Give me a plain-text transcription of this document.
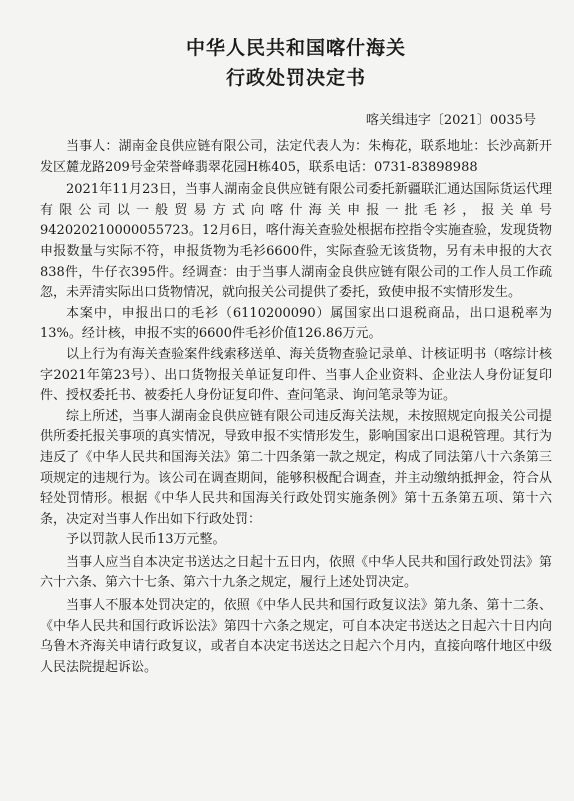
中华人民共和国喀什海关
行政处罚决定书
喀关缉违字〔2021〕0035号

当事人：湖南金良供应链有限公司，法定代表人为：朱梅花，联系地址：长沙高新开发区麓龙路209号金荣誉峰翡翠花园H栋405，联系电话：0731-83898988

2021年11月23日，当事人湖南金良供应链有限公司委托新疆联汇通达国际货运代理有限公司以一般贸易方式向喀什海关申报一批毛衫，报关单号942020210000055723。12月6日，喀什海关查验处根据布控指令实施查验，发现货物申报数量与实际不符，申报货物为毛衫6600件，实际查验无该货物，另有未申报的大衣838件，牛仔衣395件。经调查：由于当事人湖南金良供应链有限公司的工作人员工作疏忽，未弄清实际出口货物情况，就向报关公司提供了委托，致使申报不实情形发生。

本案中，申报出口的毛衫（6110200090）属国家出口退税商品，出口退税率为13%。经计核，申报不实的6600件毛衫价值126.86万元。

以上行为有海关查验案件线索移送单、海关货物查验记录单、计核证明书（喀综计核字2021年第23号）、出口货物报关单证复印件、当事人企业资料、企业法人身份证复印件、授权委托书、被委托人身份证复印件、查问笔录、询问笔录等为证。

综上所述，当事人湖南金良供应链有限公司违反海关法规，未按照规定向报关公司提供所委托报关事项的真实情况，导致申报不实情形发生，影响国家出口退税管理。其行为违反了《中华人民共和国海关法》第二十四条第一款之规定，构成了同法第八十六条第三项规定的违规行为。该公司在调查期间，能够积极配合调查，并主动缴纳抵押金，符合从轻处罚情形。根据《中华人民共和国海关行政处罚实施条例》第十五条第五项、第十六条，决定对当事人作出如下行政处罚：

予以罚款人民币13万元整。

当事人应当自本决定书送达之日起十五日内，依照《中华人民共和国行政处罚法》第六十六条、第六十七条、第六十九条之规定，履行上述处罚决定。

当事人不服本处罚决定的，依照《中华人民共和国行政复议法》第九条、第十二条、《中华人民共和国行政诉讼法》第四十六条之规定，可自本决定书送达之日起六十日内向乌鲁木齐海关申请行政复议，或者自本决定书送达之日起六个月内，直接向喀什地区中级人民法院提起诉讼。
